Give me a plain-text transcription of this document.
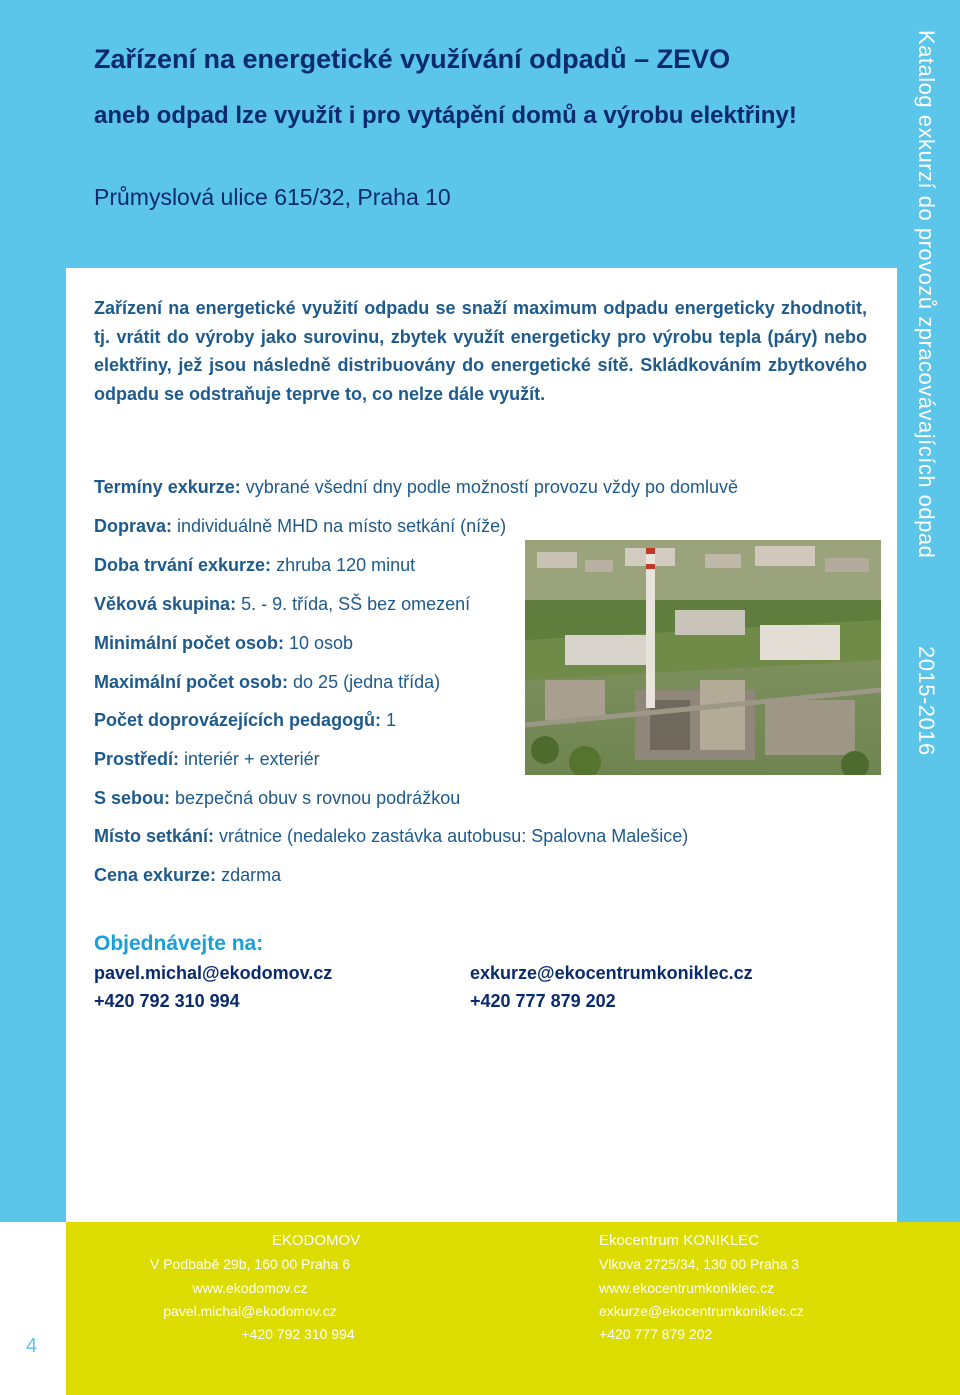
Zařízení na energetické využívání odpadů – ZEVO
aneb odpad lze využít i pro vytápění domů a výrobu elektřiny!

Průmyslová ulice 615/32, Praha 10

Zařízení na energetické využití odpadu se snaží maximum odpadu energeticky zhodnotit, tj. vrátit do výroby jako surovinu, zbytek využít energeticky pro výrobu tepla (páry) nebo elektřiny, jež jsou následně distribuovány do energetické sítě. Skládkováním zbytkového odpadu se odstraňuje teprve to, co nelze dále využít.

Termíny exkurze: vybrané všední dny podle možností provozu vždy po domluvě
Doprava: individuálně MHD na místo setkání (níže)
Doba trvání exkurze: zhruba 120 minut
Věková skupina: 5. - 9. třída, SŠ bez omezení
Minimální počet osob: 10 osob
Maximální počet osob: do 25 (jedna třída)
Počet doprovázejících pedagogů: 1
Prostředí: interiér + exteriér
S sebou: bezpečná obuv s rovnou podrážkou
Místo setkání: vrátnice (nedaleko zastávka autobusu: Spalovna Malešice)
Cena exkurze: zdarma
Objednávejte na:
pavel.michal@ekodomov.cz
+420 792 310 994
exkurze@ekocentrumkoniklec.cz
+420 777 879 202
Katalog exkurzí do provozů zpracovávajících odpad
2015-2016
EKODOMOV
V Podbabě 29b, 160 00 Praha 6
www.ekodomov.cz
pavel.michal@ekodomov.cz
+420 792 310 994
Ekocentrum KONIKLEC
Vlkova 2725/34, 130 00 Praha 3
www.ekocentrumkoniklec.cz
exkurze@ekocentrumkoniklec.cz
+420 777 879 202
4
